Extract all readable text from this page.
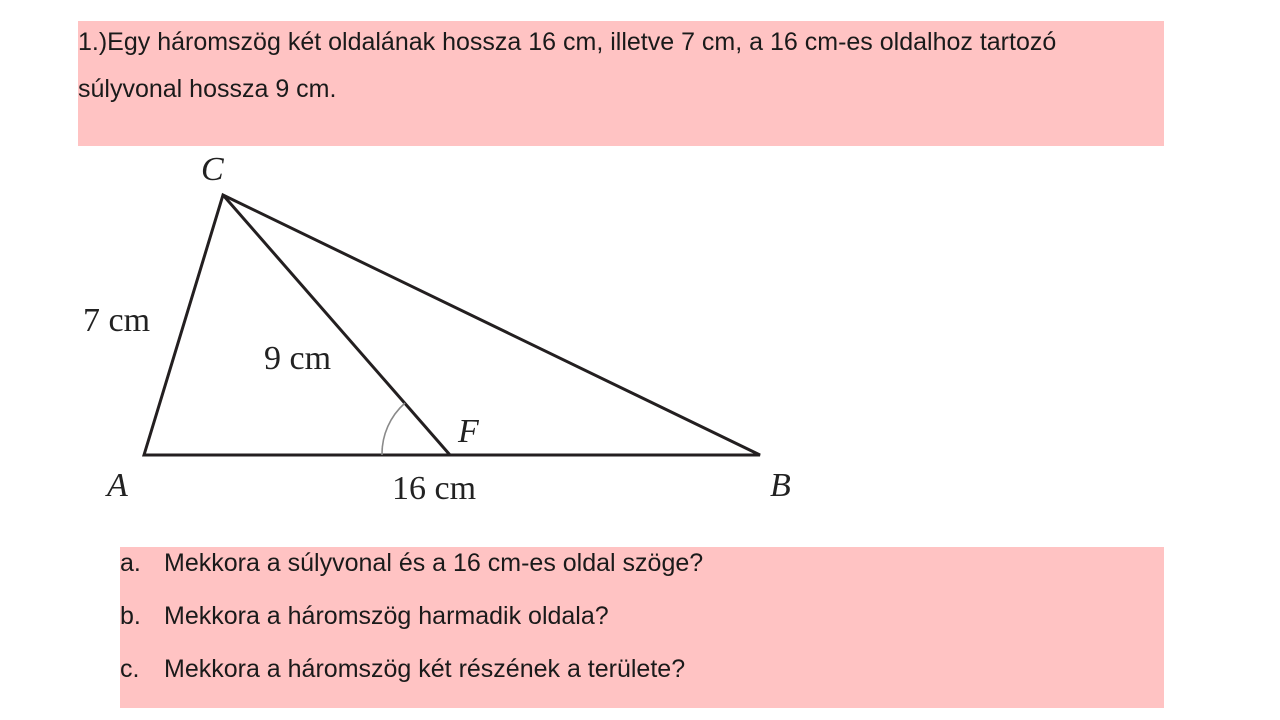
1.)Egy háromszög két oldalának hossza 16 cm, illetve 7 cm, a 16 cm-es oldalhoz tartozó súlyvonal hossza 9 cm.

C
A	B
F
7 cm
9 cm
16 cm
a. Mekkora a súlyvonal és a 16 cm-es oldal szöge?
b. Mekkora a háromszög harmadik oldala?
c. Mekkora a háromszög két részének a területe?
